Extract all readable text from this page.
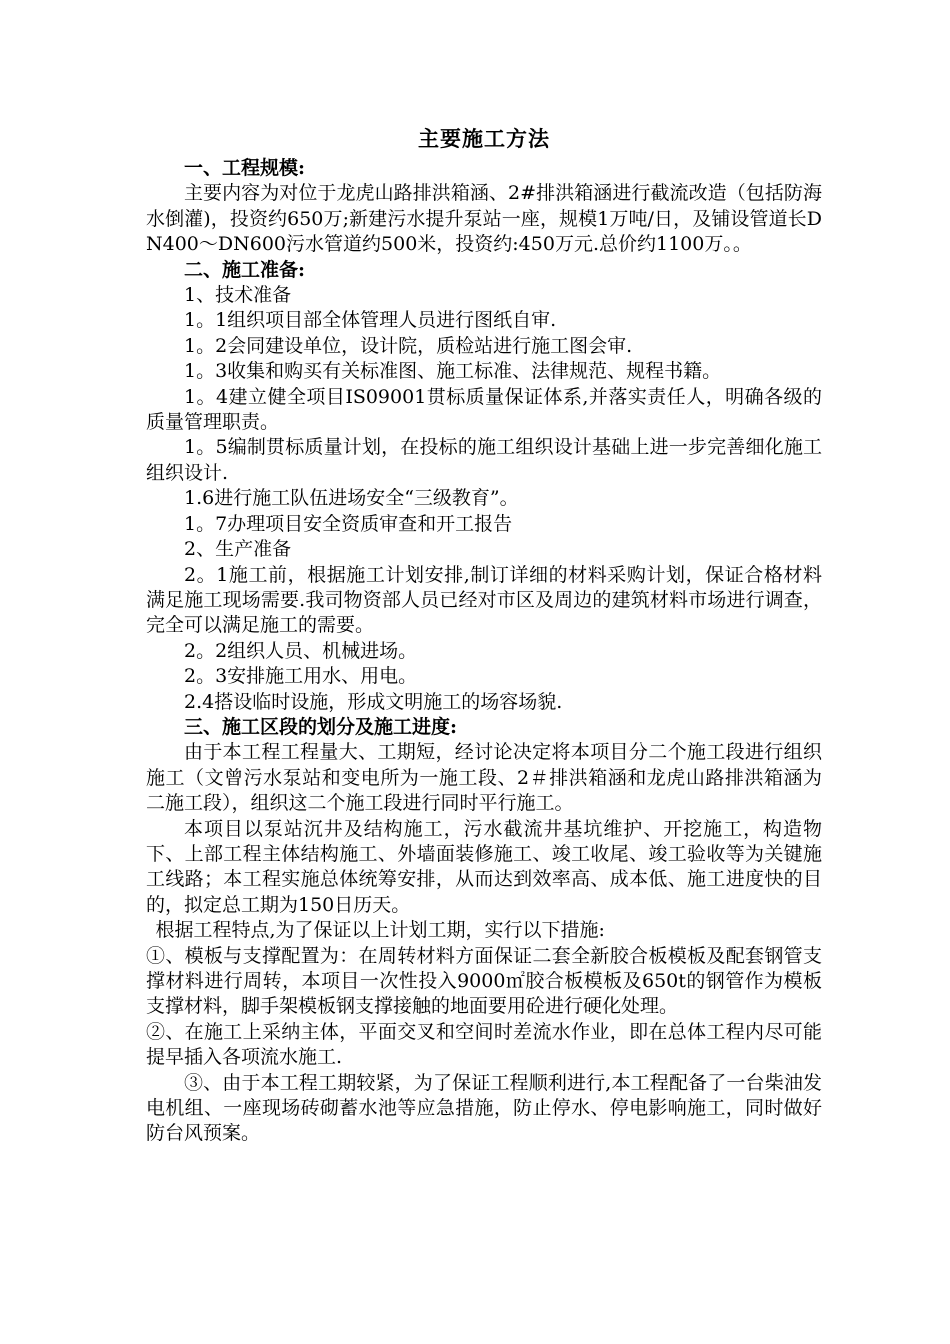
主要施工方法

一、工程规模:

主要内容为对位于龙虎山路排洪箱涵、2#排洪箱涵进行截流改造（包括防海水倒灌)，投资约650万;新建污水提升泵站一座，规模1万吨/日，及铺设管道长DN400～DN600污水管道约500米，投资约:450万元.总价约1100万。。

二、施工准备:

1、技术准备

1。1组织项目部全体管理人员进行图纸自审.

1。2会同建设单位，设计院，质检站进行施工图会审.

1。3收集和购买有关标准图、施工标准、法律规范、规程书籍。

1。4建立健全项目IS09001贯标质量保证体系,并落实责任人，明确各级的质量管理职责。

1。5编制贯标质量计划，在投标的施工组织设计基础上进一步完善细化施工组织设计.

1.6进行施工队伍进场安全“三级教育”。

1。7办理项目安全资质审查和开工报告

2、生产准备

2。1施工前，根据施工计划安排,制订详细的材料采购计划，保证合格材料满足施工现场需要.我司物资部人员已经对市区及周边的建筑材料市场进行调查，完全可以满足施工的需要。

2。2组织人员、机械进场。

2。3安排施工用水、用电。

2.4搭设临时设施，形成文明施工的场容场貌.

三、施工区段的划分及施工进度:

由于本工程工程量大、工期短，经讨论决定将本项目分二个施工段进行组织施工（文曾污水泵站和变电所为一施工段、2＃排洪箱涵和龙虎山路排洪箱涵为二施工段），组织这二个施工段进行同时平行施工。

本项目以泵站沉井及结构施工，污水截流井基坑维护、开挖施工，构造物下、上部工程主体结构施工、外墙面装修施工、竣工收尾、竣工验收等为关键施工线路；本工程实施总体统筹安排，从而达到效率高、成本低、施工进度快的目的，拟定总工期为150日历天。

根据工程特点,为了保证以上计划工期，实行以下措施:

①、模板与支撑配置为：在周转材料方面保证二套全新胶合板模板及配套钢管支撑材料进行周转，本项目一次性投入9000㎡胶合板模板及650t的钢管作为模板支撑材料，脚手架模板钢支撑接触的地面要用砼进行硬化处理。

②、在施工上采纳主体，平面交叉和空间时差流水作业，即在总体工程内尽可能提早插入各项流水施工.

③、由于本工程工期较紧，为了保证工程顺利进行,本工程配备了一台柴油发电机组、一座现场砖砌蓄水池等应急措施，防止停水、停电影响施工，同时做好防台风预案。
